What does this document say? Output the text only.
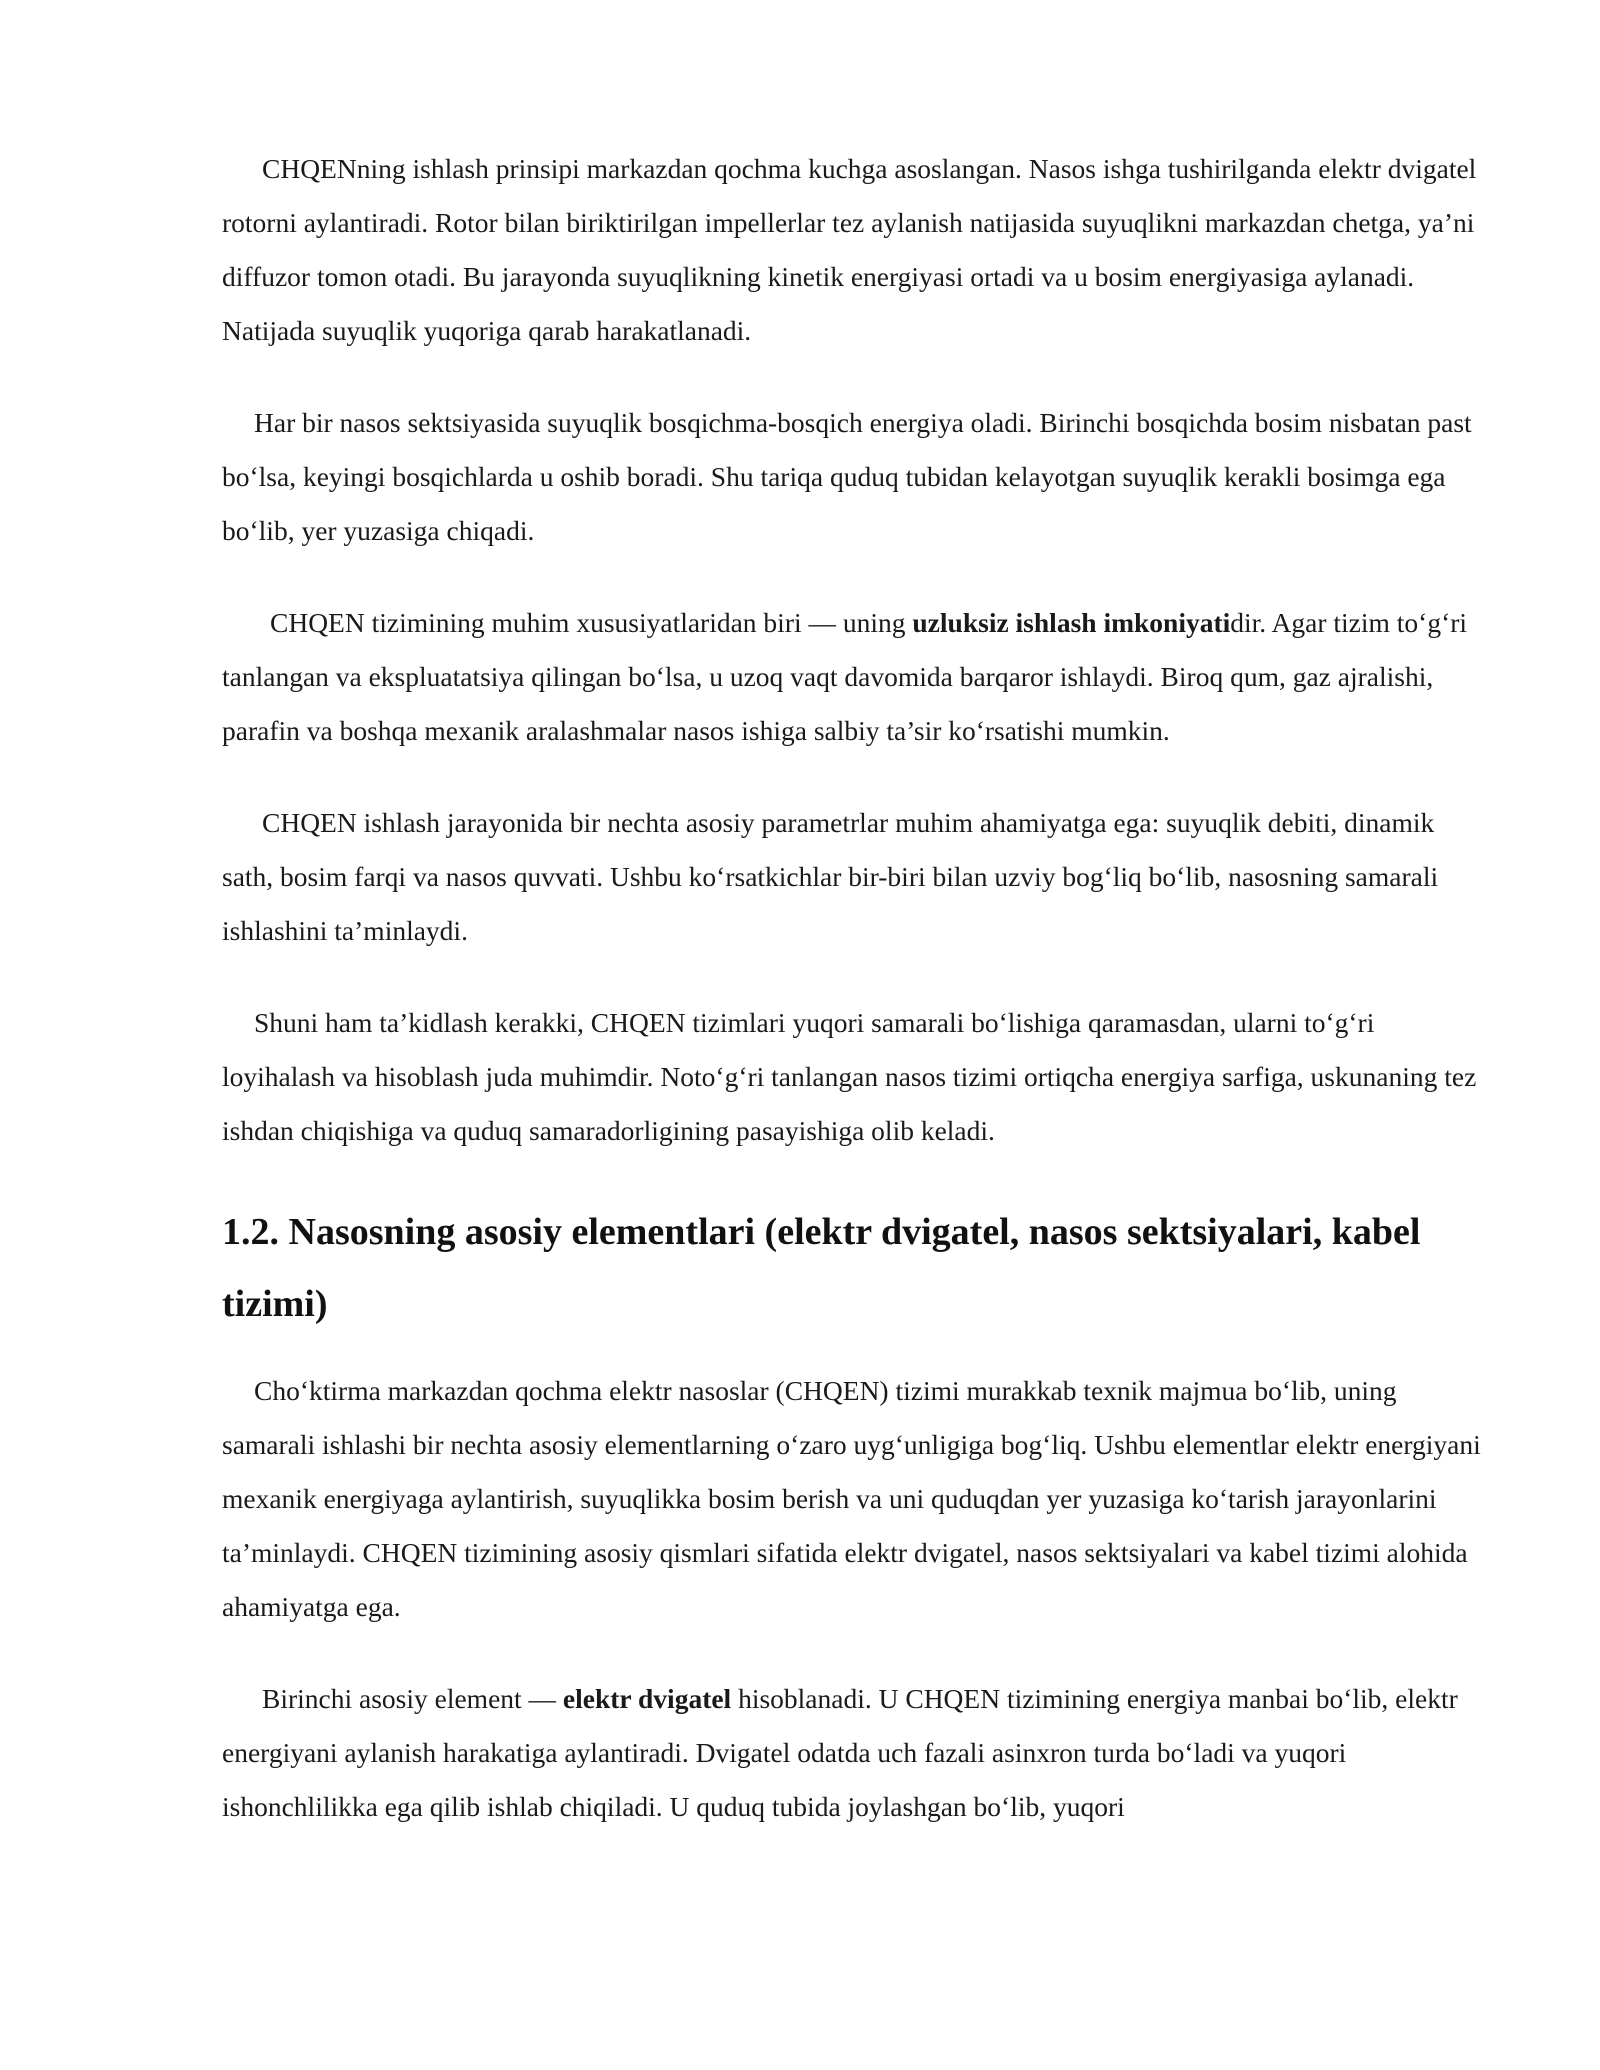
CHQENning ishlash prinsipi markazdan qochma kuchga asoslangan. Nasos ishga tushirilganda elektr dvigatel rotorni aylantiradi. Rotor bilan biriktirilgan impellerlar tez aylanish natijasida suyuqlikni markazdan chetga, ya’ni diffuzor tomon otadi. Bu jarayonda suyuqlikning kinetik energiyasi ortadi va u bosim energiyasiga aylanadi. Natijada suyuqlik yuqoriga qarab harakatlanadi.

Har bir nasos sektsiyasida suyuqlik bosqichma-bosqich energiya oladi. Birinchi bosqichda bosim nisbatan past boʻlsa, keyingi bosqichlarda u oshib boradi. Shu tariqa quduq tubidan kelayotgan suyuqlik kerakli bosimga ega boʻlib, yer yuzasiga chiqadi.

CHQEN tizimining muhim xususiyatlaridan biri — uning uzluksiz ishlash imkoniyatidir. Agar tizim toʻgʻri tanlangan va ekspluatatsiya qilingan boʻlsa, u uzoq vaqt davomida barqaror ishlaydi. Biroq qum, gaz ajralishi, parafin va boshqa mexanik aralashmalar nasos ishiga salbiy ta’sir koʻrsatishi mumkin.

CHQEN ishlash jarayonida bir nechta asosiy parametrlar muhim ahamiyatga ega: suyuqlik debiti, dinamik sath, bosim farqi va nasos quvvati. Ushbu koʻrsatkichlar bir-biri bilan uzviy bogʻliq boʻlib, nasosning samarali ishlashini ta’minlaydi.

Shuni ham ta’kidlash kerakki, CHQEN tizimlari yuqori samarali boʻlishiga qaramasdan, ularni toʻgʻri loyihalash va hisoblash juda muhimdir. Notoʻgʻri tanlangan nasos tizimi ortiqcha energiya sarfiga, uskunaning tez ishdan chiqishiga va quduq samaradorligining pasayishiga olib keladi.

1.2. Nasosning asosiy elementlari (elektr dvigatel, nasos sektsiyalari, kabel tizimi)

Choʻktirma markazdan qochma elektr nasoslar (CHQEN) tizimi murakkab texnik majmua boʻlib, uning samarali ishlashi bir nechta asosiy elementlarning oʻzaro uygʻunligiga bogʻliq. Ushbu elementlar elektr energiyani mexanik energiyaga aylantirish, suyuqlikka bosim berish va uni quduqdan yer yuzasiga koʻtarish jarayonlarini ta’minlaydi. CHQEN tizimining asosiy qismlari sifatida elektr dvigatel, nasos sektsiyalari va kabel tizimi alohida ahamiyatga ega.

Birinchi asosiy element — elektr dvigatel hisoblanadi. U CHQEN tizimining energiya manbai boʻlib, elektr energiyani aylanish harakatiga aylantiradi. Dvigatel odatda uch fazali asinxron turda boʻladi va yuqori ishonchlilikka ega qilib ishlab chiqiladi. U quduq tubida joylashgan boʻlib, yuqori
